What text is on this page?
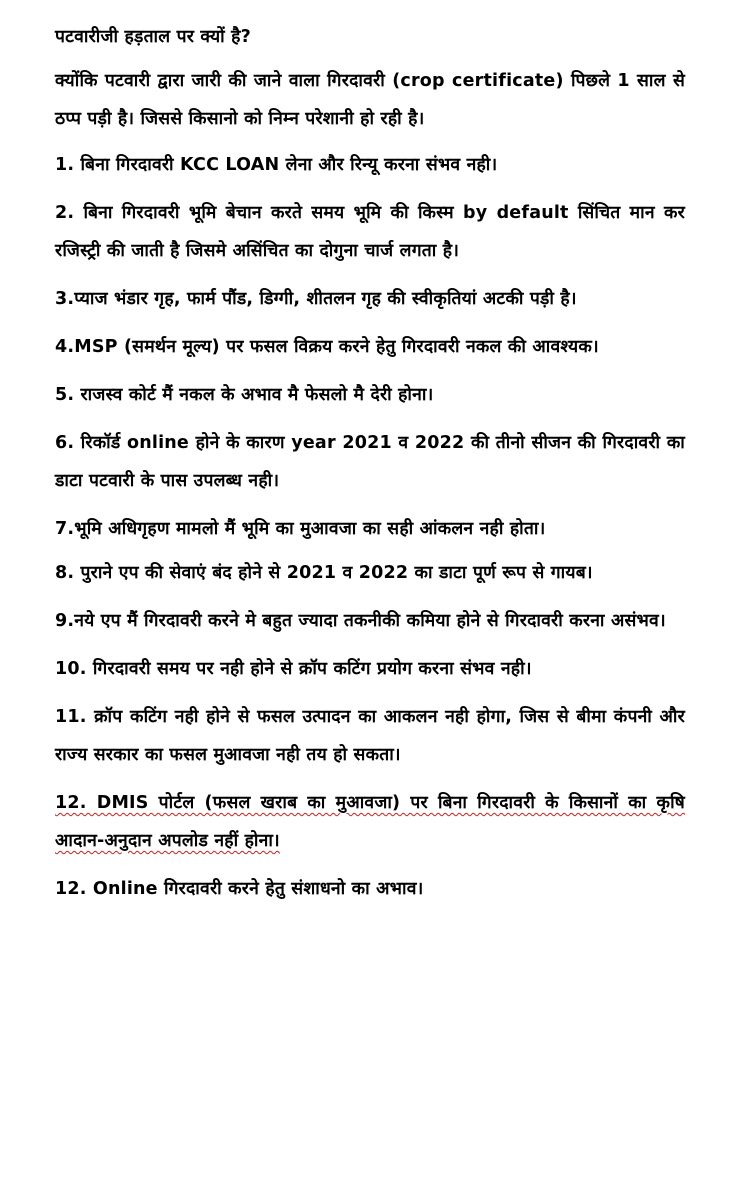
पटवारीजी हड़ताल पर क्यों है?

क्योंकि पटवारी द्वारा जारी की जाने वाला गिरदावरी (crop certificate) पिछले 1 साल से ठप्प पड़ी है। जिससे किसानो को निम्न परेशानी हो रही है।

1. बिना गिरदावरी KCC LOAN लेना और रिन्यू करना संभव नही।

2. बिना गिरदावरी भूमि बेचान करते समय भूमि की किस्म by default सिंचित मान कर रजिस्ट्री की जाती है जिसमे असिंचित का दोगुना चार्ज लगता है।

3.प्याज भंडार गृह, फार्म पौंड, डिग्गी, शीतलन गृह की स्वीकृतियां अटकी पड़ी है।

4.MSP (समर्थन मूल्य) पर फसल विक्रय करने हेतु गिरदावरी नकल की आवश्यक।

5. राजस्व कोर्ट मैं नकल के अभाव मै फेसलो मै देरी होना।

6. रिकॉर्ड online होने के कारण year 2021 व 2022 की तीनो सीजन की गिरदावरी का डाटा पटवारी के पास उपलब्ध नही।

7.भूमि अधिगृहण मामलो मैं भूमि का मुआवजा का सही आंकलन नही होता।

8. पुराने एप की सेवाएं बंद होने से 2021 व 2022 का डाटा पूर्ण रूप से गायब।

9.नये एप मैं गिरदावरी करने मे बहुत ज्यादा तकनीकी कमिया होने से गिरदावरी करना असंभव।

10. गिरदावरी समय पर नही होने से क्रॉप कटिंग प्रयोग करना संभव नही।

11. क्रॉप कटिंग नही होने से फसल उत्पादन का आकलन नही होगा, जिस से बीमा कंपनी और राज्य सरकार का फसल मुआवजा नही तय हो सकता।

12. DMIS पोर्टल (फसल खराब का मुआवजा) पर बिना गिरदावरी के किसानों का कृषि आदान-अनुदान अपलोड नहीं होना।

12. Online गिरदावरी करने हेतु संशाधनो का अभाव।
